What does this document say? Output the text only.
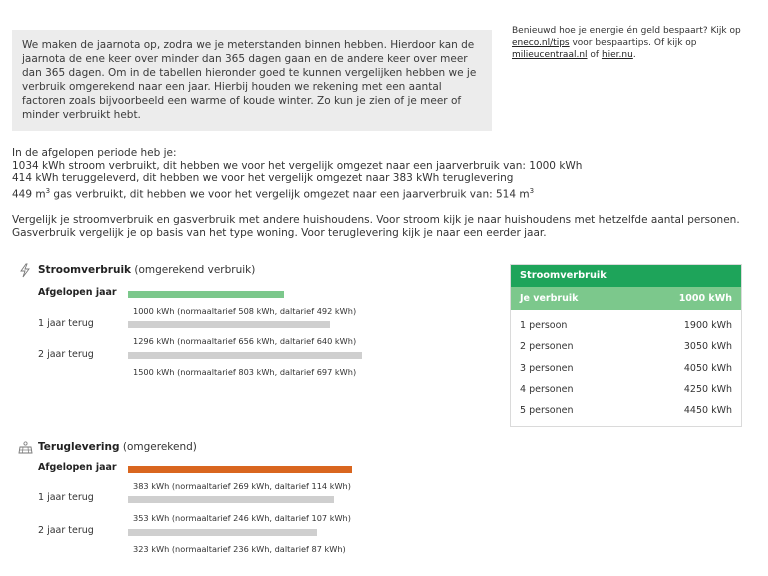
We maken de jaarnota op, zodra we je meterstanden binnen hebben. Hierdoor kan de jaarnota de ene keer over minder dan 365 dagen gaan en de andere keer over meer dan 365 dagen. Om in de tabellen hieronder goed te kunnen vergelijken hebben we je verbruik omgerekend naar een jaar. Hierbij houden we rekening met een aantal factoren zoals bijvoorbeeld een warme of koude winter. Zo kun je zien of je meer of minder verbruikt hebt.
Benieuwd hoe je energie én geld bespaart? Kijk op eneco.nl/tips voor bespaartips. Of kijk op milieucentraal.nl of hier.nu.
In de afgelopen periode heb je:
1034 kWh stroom verbruikt, dit hebben we voor het vergelijk omgezet naar een jaarverbruik van: 1000 kWh
414 kWh teruggeleverd, dit hebben we voor het vergelijk omgezet naar 383 kWh teruglevering
449 $m^3$ gas verbruikt, dit hebben we voor het vergelijk omgezet naar een jaarverbruik van: 514 $m^3$
Vergelijk je stroomverbruik en gasverbruik met andere huishoudens. Voor stroom kijk je naar huishoudens met hetzelfde aantal personen. Gasverbruik vergelijk je op basis van het type woning. Voor teruglevering kijk je naar een eerder jaar.
Stroomverbruik (omgerekend verbruik)
Afgelopen jaar
1 jaar terug
2 jaar terug
1000 kWh (normaaltarief 508 kWh, daltarief 492 kWh)
1296 kWh (normaaltarief 656 kWh, daltarief 640 kWh)
1500 kWh (normaaltarief 803 kWh, daltarief 697 kWh)
Teruglevering (omgerekend)
Afgelopen jaar
1 jaar terug
2 jaar terug
383 kWh (normaaltarief 269 kWh, daltarief 114 kWh)
353 kWh (normaaltarief 246 kWh, daltarief 107 kWh)
323 kWh (normaaltarief 236 kWh, daltarief 87 kWh)
Stroomverbruik
Je verbruik	1000 kWh
1 persoon	1900 kWh
2 personen	3050 kWh
3 personen	4050 kWh
4 personen	4250 kWh
5 personen	4450 kWh
